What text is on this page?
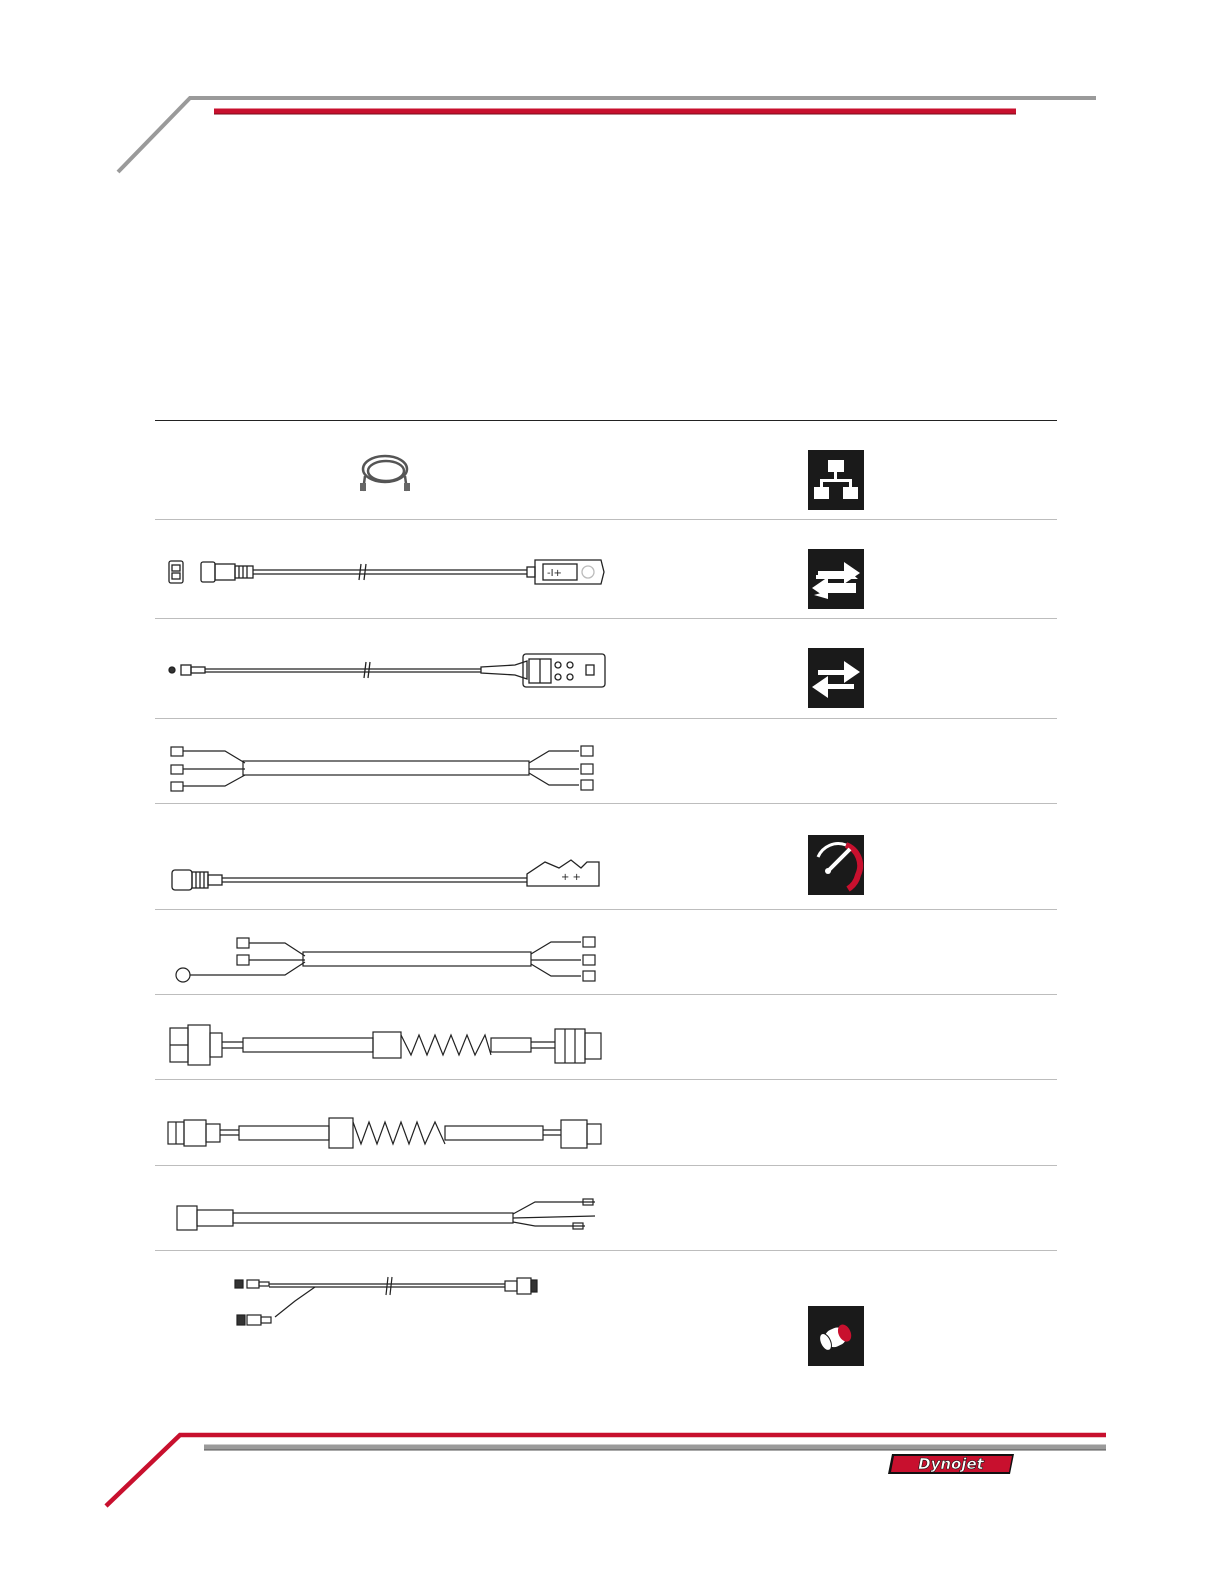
-I+
+ +
Dynojet
